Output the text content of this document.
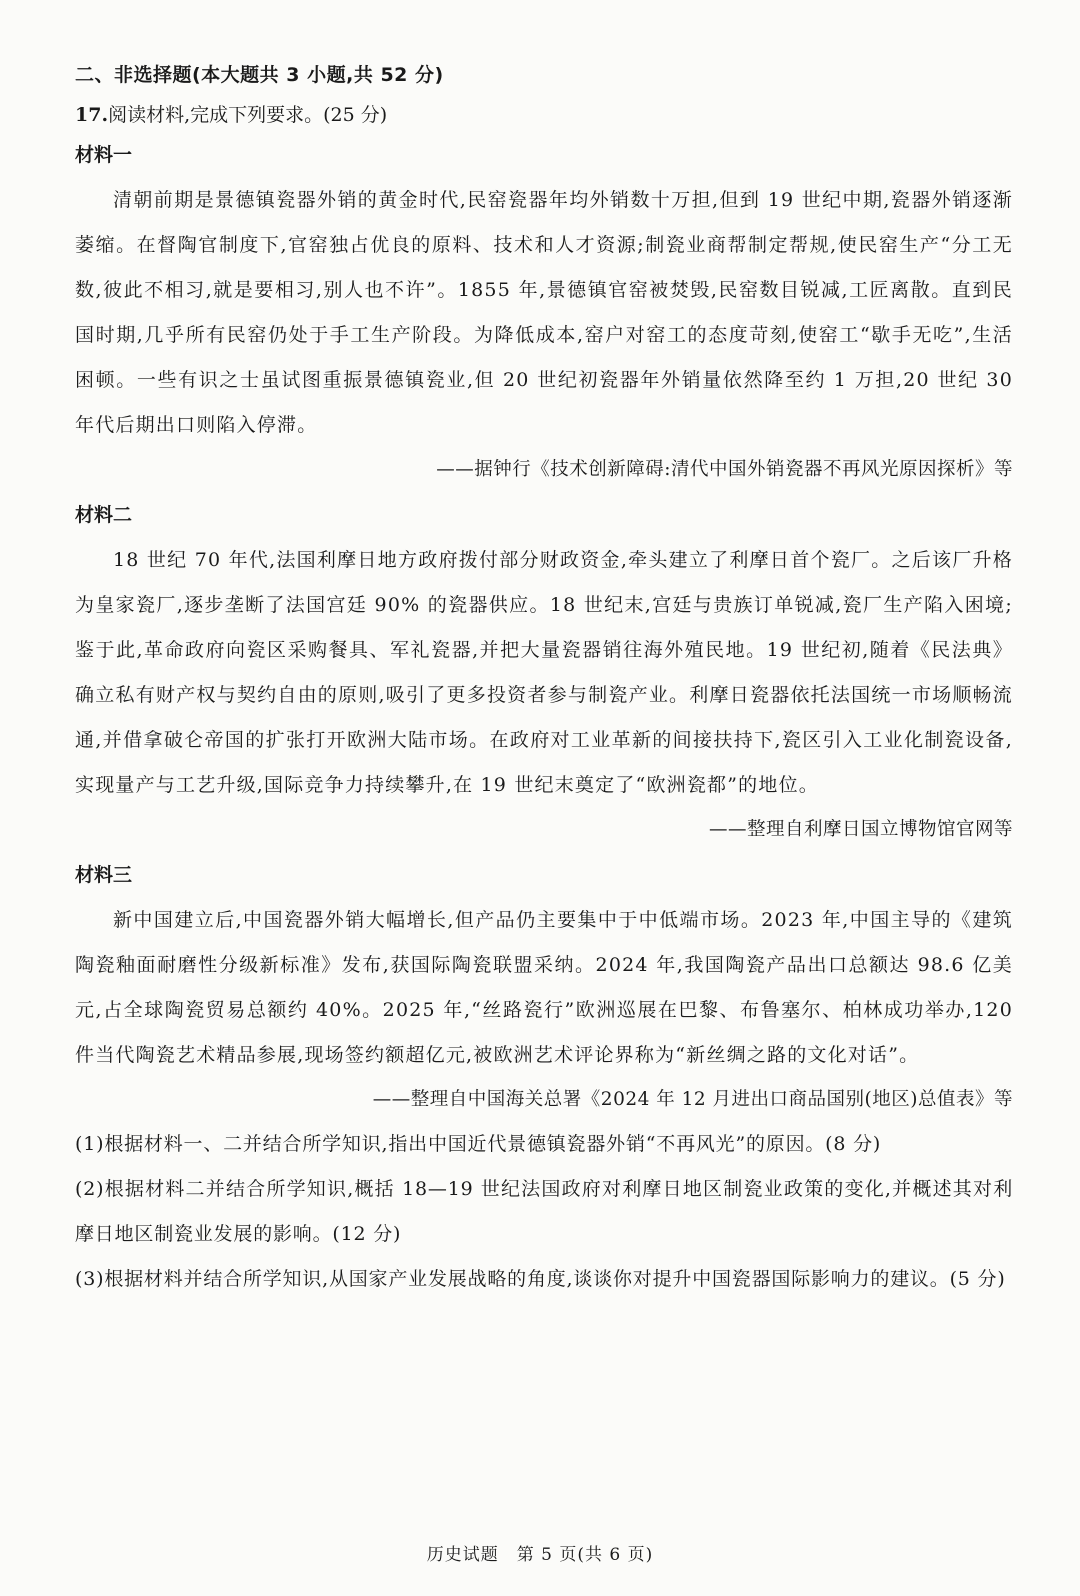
二、非选择题(本大题共 3 小题,共 52 分)
17.阅读材料,完成下列要求。(25 分)
材料一

清朝前期是景德镇瓷器外销的黄金时代,民窑瓷器年均外销数十万担,但到 19 世纪中期,瓷器外销逐渐萎缩。在督陶官制度下,官窑独占优良的原料、技术和人才资源;制瓷业商帮制定帮规,使民窑生产“分工无数,彼此不相习,就是要相习,别人也不许”。1855 年,景德镇官窑被焚毁,民窑数目锐减,工匠离散。直到民国时期,几乎所有民窑仍处于手工生产阶段。为降低成本,窑户对窑工的态度苛刻,使窑工“歇手无吃”,生活困顿。一些有识之士虽试图重振景德镇瓷业,但 20 世纪初瓷器年外销量依然降至约 1 万担,20 世纪 30 年代后期出口则陷入停滞。

——据钟行《技术创新障碍:清代中国外销瓷器不再风光原因探析》等

材料二

18 世纪 70 年代,法国利摩日地方政府拨付部分财政资金,牵头建立了利摩日首个瓷厂。之后该厂升格为皇家瓷厂,逐步垄断了法国宫廷 90% 的瓷器供应。18 世纪末,宫廷与贵族订单锐减,瓷厂生产陷入困境;鉴于此,革命政府向瓷区采购餐具、军礼瓷器,并把大量瓷器销往海外殖民地。19 世纪初,随着《民法典》确立私有财产权与契约自由的原则,吸引了更多投资者参与制瓷产业。利摩日瓷器依托法国统一市场顺畅流通,并借拿破仑帝国的扩张打开欧洲大陆市场。在政府对工业革新的间接扶持下,瓷区引入工业化制瓷设备,实现量产与工艺升级,国际竞争力持续攀升,在 19 世纪末奠定了“欧洲瓷都”的地位。

——整理自利摩日国立博物馆官网等

材料三

新中国建立后,中国瓷器外销大幅增长,但产品仍主要集中于中低端市场。2023 年,中国主导的《建筑陶瓷釉面耐磨性分级新标准》发布,获国际陶瓷联盟采纳。2024 年,我国陶瓷产品出口总额达 98.6 亿美元,占全球陶瓷贸易总额约 40%。2025 年,“丝路瓷行”欧洲巡展在巴黎、布鲁塞尔、柏林成功举办,120 件当代陶瓷艺术精品参展,现场签约额超亿元,被欧洲艺术评论界称为“新丝绸之路的文化对话”。

——整理自中国海关总署《2024 年 12 月进出口商品国别(地区)总值表》等

(1)根据材料一、二并结合所学知识,指出中国近代景德镇瓷器外销“不再风光”的原因。(8 分)

(2)根据材料二并结合所学知识,概括 18—19 世纪法国政府对利摩日地区制瓷业政策的变化,并概述其对利摩日地区制瓷业发展的影响。(12 分)

(3)根据材料并结合所学知识,从国家产业发展战略的角度,谈谈你对提升中国瓷器国际影响力的建议。(5 分)

历史试题　第 5 页(共 6 页)
